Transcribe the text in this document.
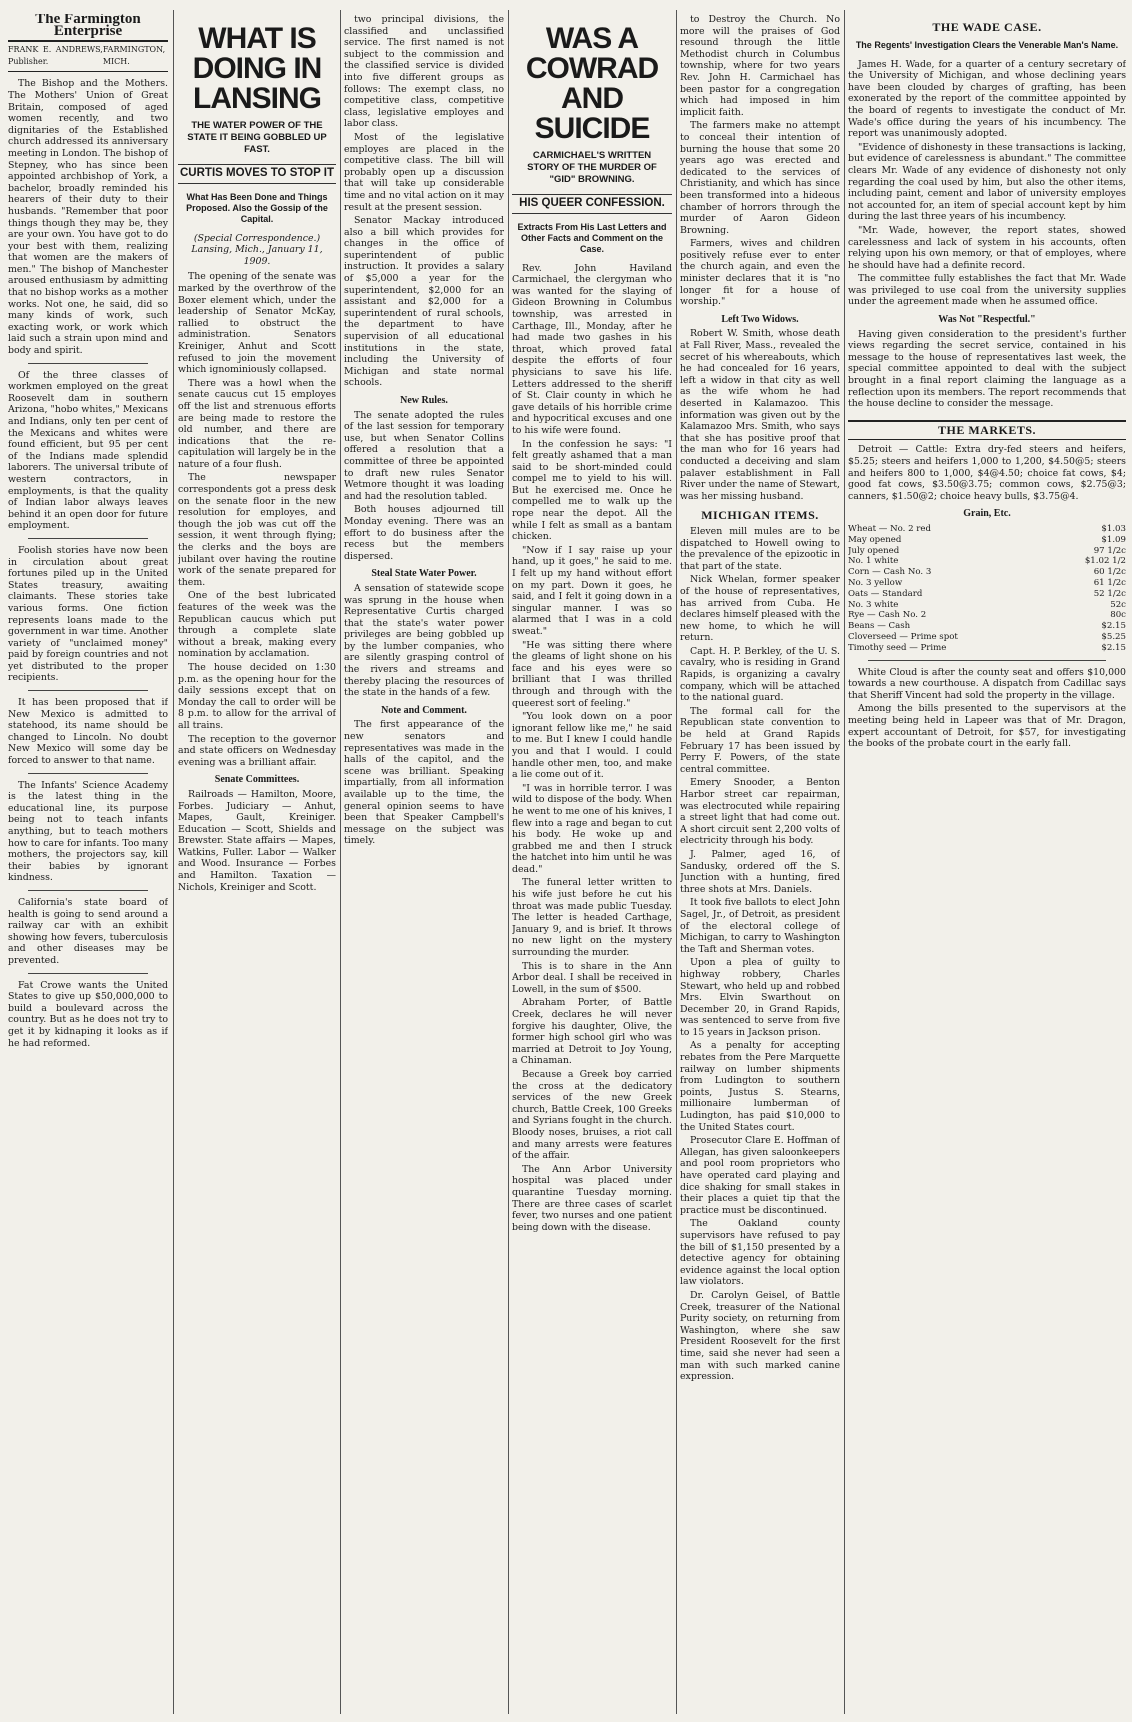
The Farmington Enterprise
FRANK E. ANDREWS, Publisher.
FARMINGTON, MICH.

The Bishop and the Mothers. The Mothers' Union of Great Britain, composed of aged women recently, and two dignitaries of the Established church addressed its anniversary meeting in London. The bishop of Stepney, who has since been appointed archbishop of York, a bachelor, broadly reminded his hearers of their duty to their husbands. "Remember that poor things though they may be, they are your own. You have got to do your best with them, realizing that women are the makers of men." The bishop of Manchester aroused enthusiasm by admitting that no bishop works as a mother works. Not one, he said, did so many kinds of work, such exacting work, or work which laid such a strain upon mind and body and spirit.

Of the three classes of workmen employed on the great Roosevelt dam in southern Arizona, "hobo whites," Mexicans and Indians, only ten per cent of the Mexicans and whites were found efficient, but 95 per cent of the Indians made splendid laborers. The universal tribute of western contractors, in employments, is that the quality of Indian labor always leaves behind it an open door for future employment.

Foolish stories have now been in circulation about great fortunes piled up in the United States treasury, awaiting claimants. These stories take various forms. One fiction represents loans made to the government in war time. Another variety of "unclaimed money" paid by foreign countries and not yet distributed to the proper recipients.

It has been proposed that if New Mexico is admitted to statehood, its name should be changed to Lincoln. No doubt New Mexico will some day be forced to answer to that name.

The Infants' Science Academy is the latest thing in the educational line, its purpose being not to teach infants anything, but to teach mothers how to care for infants. Too many mothers, the projectors say, kill their babies by ignorant kindness.

California's state board of health is going to send around a railway car with an exhibit showing how fevers, tuberculosis and other diseases may be prevented.

Fat Crowe wants the United States to give up $50,000,000 to build a boulevard across the country. But as he does not try to get it by kidnaping it looks as if he had reformed.

WHAT IS DOING IN LANSING
THE WATER POWER OF THE STATE IT BEING GOBBLED UP FAST.
CURTIS MOVES TO STOP IT
What Has Been Done and Things Proposed. Also the Gossip of the Capital.
(Special Correspondence.) Lansing, Mich., January 11, 1909.

The opening of the senate was marked by the overthrow of the Boxer element which, under the leadership of Senator McKay, rallied to obstruct the administration. Senators Kreiniger, Anhut and Scott refused to join the movement which ignominiously collapsed.

There was a howl when the senate caucus cut 15 employes off the list and strenuous efforts are being made to restore the old number, and there are indications that the re-capitulation will largely be in the nature of a four flush.

The newspaper correspondents got a press desk on the senate floor in the new resolution for employes, and though the job was cut off the session, it went through flying; the clerks and the boys are jubilant over having the routine work of the senate prepared for them.

One of the best lubricated features of the week was the Republican caucus which put through a complete slate without a break, making every nomination by acclamation.

The house decided on 1:30 p.m. as the opening hour for the daily sessions except that on Monday the call to order will be 8 p.m. to allow for the arrival of all trains.

The reception to the governor and state officers on Wednesday evening was a brilliant affair.

Senate Committees.

Railroads — Hamilton, Moore, Forbes. Judiciary — Anhut, Mapes, Gault, Kreiniger. Education — Scott, Shields and Brewster. State affairs — Mapes, Watkins, Fuller. Labor — Walker and Wood. Insurance — Forbes and Hamilton. Taxation — Nichols, Kreiniger and Scott.

two principal divisions, the classified and unclassified service. The first named is not subject to the commission and the classified service is divided into five different groups as follows: The exempt class, no competitive class, competitive class, legislative employes and labor class.

Most of the legislative employes are placed in the competitive class. The bill will probably open up a discussion that will take up considerable time and no vital action on it may result at the present session.

Senator Mackay introduced also a bill which provides for changes in the office of superintendent of public instruction. It provides a salary of $5,000 a year for the superintendent, $2,000 for an assistant and $2,000 for a superintendent of rural schools, the department to have supervision of all educational institutions in the state, including the University of Michigan and state normal schools.

New Rules.

The senate adopted the rules of the last session for temporary use, but when Senator Collins offered a resolution that a committee of three be appointed to draft new rules Senator Wetmore thought it was loading and had the resolution tabled.

Both houses adjourned till Monday evening. There was an effort to do business after the recess but the members dispersed.

Steal State Water Power.

A sensation of statewide scope was sprung in the house when Representative Curtis charged that the state's water power privileges are being gobbled up by the lumber companies, who are silently grasping control of the rivers and streams and thereby placing the resources of the state in the hands of a few.

Note and Comment.

The first appearance of the new senators and representatives was made in the halls of the capitol, and the scene was brilliant. Speaking impartially, from all information available up to the time, the general opinion seems to have been that Speaker Campbell's message on the subject was timely.

WAS A COWRAD AND SUICIDE
CARMICHAEL'S WRITTEN STORY OF THE MURDER OF "GID" BROWNING.
HIS QUEER CONFESSION.
Extracts From His Last Letters and Other Facts and Comment on the Case.

Rev. John Haviland Carmichael, the clergyman who was wanted for the slaying of Gideon Browning in Columbus township, was arrested in Carthage, Ill., Monday, after he had made two gashes in his throat, which proved fatal despite the efforts of four physicians to save his life. Letters addressed to the sheriff of St. Clair county in which he gave details of his horrible crime and hypocritical excuses and one to his wife were found.

In the confession he says: "I felt greatly ashamed that a man said to be short-minded could compel me to yield to his will. But he exercised me. Once he compelled me to walk up the rope near the depot. All the while I felt as small as a bantam chicken.

"Now if I say raise up your hand, up it goes," he said to me. I felt up my hand without effort on my part. Down it goes, he said, and I felt it going down in a singular manner. I was so alarmed that I was in a cold sweat."

"He was sitting there where the gleams of light shone on his face and his eyes were so brilliant that I was thrilled through and through with the queerest sort of feeling."

"You look down on a poor ignorant fellow like me," he said to me. But I knew I could handle you and that I would. I could handle other men, too, and make a lie come out of it.

"I was in horrible terror. I was wild to dispose of the body. When he went to me one of his knives, I flew into a rage and began to cut his body. He woke up and grabbed me and then I struck the hatchet into him until he was dead."

The funeral letter written to his wife just before he cut his throat was made public Tuesday. The letter is headed Carthage, January 9, and is brief. It throws no new light on the mystery surrounding the murder.

This is to share in the Ann Arbor deal. I shall be received in Lowell, in the sum of $500.

Abraham Porter, of Battle Creek, declares he will never forgive his daughter, Olive, the former high school girl who was married at Detroit to Joy Young, a Chinaman.

Because a Greek boy carried the cross at the dedicatory services of the new Greek church, Battle Creek, 100 Greeks and Syrians fought in the church. Bloody noses, bruises, a riot call and many arrests were features of the affair.

The Ann Arbor University hospital was placed under quarantine Tuesday morning. There are three cases of scarlet fever, two nurses and one patient being down with the disease.

to Destroy the Church. No more will the praises of God resound through the little Methodist church in Columbus township, where for two years Rev. John H. Carmichael has been pastor for a congregation which had imposed in him implicit faith.

The farmers make no attempt to conceal their intention of burning the house that some 20 years ago was erected and dedicated to the services of Christianity, and which has since been transformed into a hideous chamber of horrors through the murder of Aaron Gideon Browning.

Farmers, wives and children positively refuse ever to enter the church again, and even the minister declares that it is "no longer fit for a house of worship."

Left Two Widows.

Robert W. Smith, whose death at Fall River, Mass., revealed the secret of his whereabouts, which he had concealed for 16 years, left a widow in that city as well as the wife whom he had deserted in Kalamazoo. This information was given out by the Kalamazoo Mrs. Smith, who says that she has positive proof that the man who for 16 years had conducted a deceiving and slam palaver establishment in Fall River under the name of Stewart, was her missing husband.

MICHIGAN ITEMS.

Eleven mill mules are to be dispatched to Howell owing to the prevalence of the epizootic in that part of the state.

Nick Whelan, former speaker of the house of representatives, has arrived from Cuba. He declares himself pleased with the new home, to which he will return.

Capt. H. P. Berkley, of the U. S. cavalry, who is residing in Grand Rapids, is organizing a cavalry company, which will be attached to the national guard.

The formal call for the Republican state convention to be held at Grand Rapids February 17 has been issued by Perry F. Powers, of the state central committee.

Emery Snooder, a Benton Harbor street car repairman, was electrocuted while repairing a street light that had come out. A short circuit sent 2,200 volts of electricity through his body.

J. Palmer, aged 16, of Sandusky, ordered off the S. Junction with a hunting, fired three shots at Mrs. Daniels.

It took five ballots to elect John Sagel, Jr., of Detroit, as president of the electoral college of Michigan, to carry to Washington the Taft and Sherman votes.

Upon a plea of guilty to highway robbery, Charles Stewart, who held up and robbed Mrs. Elvin Swarthout on December 20, in Grand Rapids, was sentenced to serve from five to 15 years in Jackson prison.

As a penalty for accepting rebates from the Pere Marquette railway on lumber shipments from Ludington to southern points, Justus S. Stearns, millionaire lumberman of Ludington, has paid $10,000 to the United States court.

Prosecutor Clare E. Hoffman of Allegan, has given saloonkeepers and pool room proprietors who have operated card playing and dice shaking for small stakes in their places a quiet tip that the practice must be discontinued.

The Oakland county supervisors have refused to pay the bill of $1,150 presented by a detective agency for obtaining evidence against the local option law violators.

Dr. Carolyn Geisel, of Battle Creek, treasurer of the National Purity society, on returning from Washington, where she saw President Roosevelt for the first time, said she never had seen a man with such marked canine expression.

THE WADE CASE.
The Regents' Investigation Clears the Venerable Man's Name.

James H. Wade, for a quarter of a century secretary of the University of Michigan, and whose declining years have been clouded by charges of grafting, has been exonerated by the report of the committee appointed by the board of regents to investigate the conduct of Mr. Wade's office during the years of his incumbency. The report was unanimously adopted.

"Evidence of dishonesty in these transactions is lacking, but evidence of carelessness is abundant." The committee clears Mr. Wade of any evidence of dishonesty not only regarding the coal used by him, but also the other items, including paint, cement and labor of university employes not accounted for, an item of special account kept by him during the last three years of his incumbency.

"Mr. Wade, however, the report states, showed carelessness and lack of system in his accounts, often relying upon his own memory, or that of employes, where he should have had a definite record.

The committee fully establishes the fact that Mr. Wade was privileged to use coal from the university supplies under the agreement made when he assumed office.

Was Not "Respectful."

Having given consideration to the president's further views regarding the secret service, contained in his message to the house of representatives last week, the special committee appointed to deal with the subject brought in a final report claiming the language as a reflection upon its members. The report recommends that the house decline to consider the message.

THE MARKETS.

Detroit — Cattle: Extra dry-fed steers and heifers, $5.25; steers and heifers 1,000 to 1,200, $4.50@5; steers and heifers 800 to 1,000, $4@4.50; choice fat cows, $4; good fat cows, $3.50@3.75; common cows, $2.75@3; canners, $1.50@2; choice heavy bulls, $3.75@4.

Grain, Etc.
Wheat — No. 2 red	$1.03
May opened	$1.09
July opened	97 1/2c
No. 1 white	$1.02 1/2
Corn — Cash No. 3	60 1/2c
No. 3 yellow	61 1/2c
Oats — Standard	52 1/2c
No. 3 white	52c
Rye — Cash No. 2	80c
Beans — Cash	$2.15
Cloverseed — Prime spot	$5.25
Timothy seed — Prime	$2.15

White Cloud is after the county seat and offers $10,000 towards a new courthouse. A dispatch from Cadillac says that Sheriff Vincent had sold the property in the village.

Among the bills presented to the supervisors at the meeting being held in Lapeer was that of Mr. Dragon, expert accountant of Detroit, for $57, for investigating the books of the probate court in the early fall.
